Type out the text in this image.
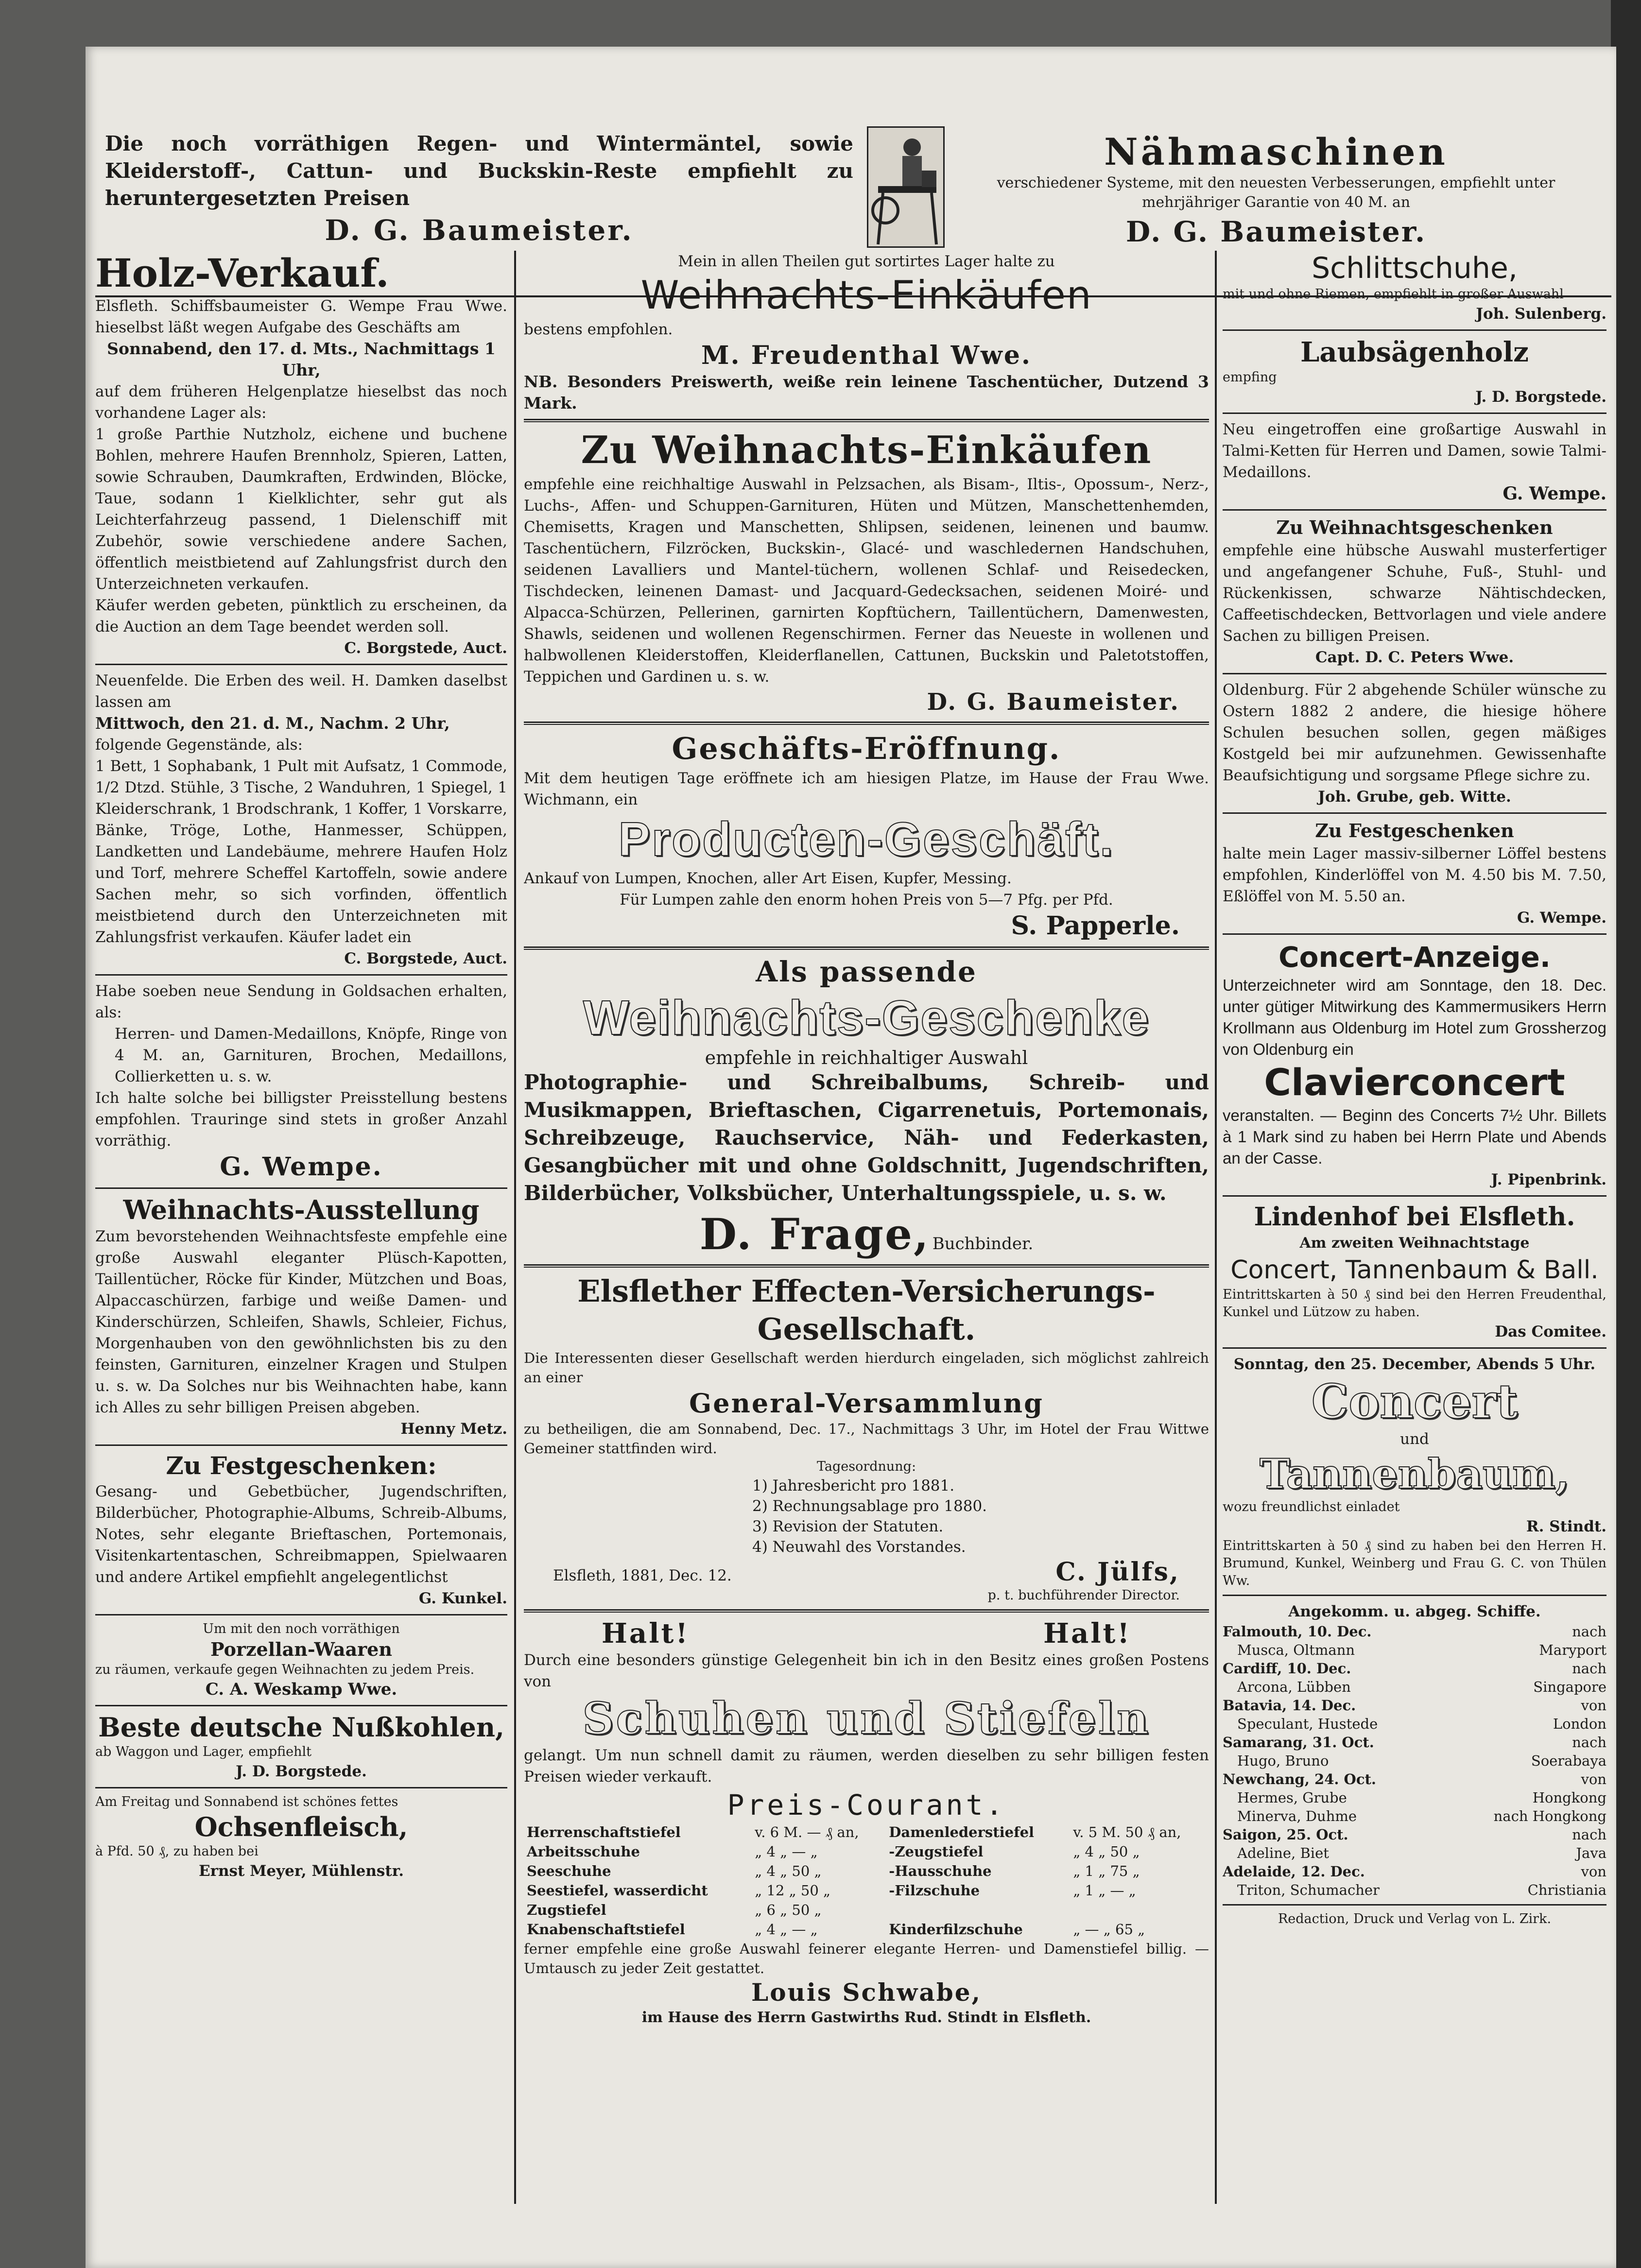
Die noch vorräthigen Regen- und Wintermäntel, sowie Kleiderstoff-, Cattun- und Buckskin-Reste empfiehlt zu heruntergesetzten Preisen

D. G. Baumeister.
Nähmaschinen

verschiedener Systeme, mit den neuesten Verbesserungen, empfiehlt unter mehrjähriger Garantie von 40 M. an

D. G. Baumeister.
Holz-Verkauf.

Elsfleth. Schiffsbaumeister G. Wempe Frau Wwe. hieselbst läßt wegen Aufgabe des Geschäfts am

Sonnabend, den 17. d. Mts., Nachmittags 1 Uhr,

auf dem früheren Helgenplatze hieselbst das noch vorhandene Lager als:

1 große Parthie Nutzholz, eichene und buchene Bohlen, mehrere Haufen Brennholz, Spieren, Latten, sowie Schrauben, Daumkraften, Erdwinden, Blöcke, Taue, sodann 1 Kielklichter, sehr gut als Leichterfahrzeug passend, 1 Dielenschiff mit Zubehör, sowie verschiedene andere Sachen, öffentlich meistbietend auf Zahlungsfrist durch den Unterzeichneten verkaufen.

Käufer werden gebeten, pünktlich zu erscheinen, da die Auction an dem Tage beendet werden soll.

C. Borgstede, Auct.

Neuenfelde. Die Erben des weil. H. Damken daselbst lassen am

Mittwoch, den 21. d. M., Nachm. 2 Uhr,

folgende Gegenstände, als:

1 Bett, 1 Sophabank, 1 Pult mit Aufsatz, 1 Commode, 1/2 Dtzd. Stühle, 3 Tische, 2 Wanduhren, 1 Spiegel, 1 Kleiderschrank, 1 Brodschrank, 1 Koffer, 1 Vorskarre, Bänke, Tröge, Lothe, Hanmesser, Schüppen, Landketten und Landebäume, mehrere Haufen Holz und Torf, mehrere Scheffel Kartoffeln, sowie andere Sachen mehr, so sich vorfinden, öffentlich meistbietend durch den Unterzeichneten mit Zahlungsfrist verkaufen. Käufer ladet ein

C. Borgstede, Auct.

Habe soeben neue Sendung in Goldsachen erhalten, als:

Herren- und Damen-Medaillons, Knöpfe, Ringe von 4 M. an, Garnituren, Brochen, Medaillons, Collierketten u. s. w.

Ich halte solche bei billigster Preisstellung bestens empfohlen. Trauringe sind stets in großer Anzahl vorräthig.

G. Wempe.
Weihnachts-Ausstellung

Zum bevorstehenden Weihnachtsfeste empfehle eine große Auswahl eleganter Plüsch-Kapotten, Taillentücher, Röcke für Kinder, Mützchen und Boas, Alpaccaschürzen, farbige und weiße Damen- und Kinderschürzen, Schleifen, Shawls, Schleier, Fichus, Morgenhauben von den gewöhnlichsten bis zu den feinsten, Garnituren, einzelner Kragen und Stulpen u. s. w. Da Solches nur bis Weihnachten habe, kann ich Alles zu sehr billigen Preisen abgeben.

Henny Metz.

Zu Festgeschenken:

Gesang- und Gebetbücher, Jugendschriften, Bilderbücher, Photographie-Albums, Schreib-Albums, Notes, sehr elegante Brieftaschen, Portemonais, Visitenkartentaschen, Schreibmappen, Spielwaaren und andere Artikel empfiehlt angelegentlichst

G. Kunkel.

Um mit den noch vorräthigen

Porzellan-Waaren

zu räumen, verkaufe gegen Weihnachten zu jedem Preis.

C. A. Weskamp Wwe.

Beste deutsche Nußkohlen,

ab Waggon und Lager, empfiehlt

J. D. Borgstede.

Am Freitag und Sonnabend ist schönes fettes

Ochsenfleisch,

à Pfd. 50 ₰, zu haben bei

Ernst Meyer, Mühlenstr.

Mein in allen Theilen gut sortirtes Lager halte zu

Weihnachts-Einkäufen

bestens empfohlen.

M. Freudenthal Wwe.

NB. Besonders Preiswerth, weiße rein leinene Taschentücher, Dutzend 3 Mark.

Zu Weihnachts-Einkäufen

empfehle eine reichhaltige Auswahl in Pelzsachen, als Bisam-, Iltis-, Opossum-, Nerz-, Luchs-, Affen- und Schuppen-Garnituren, Hüten und Mützen, Manschettenhemden, Chemisetts, Kragen und Manschetten, Shlipsen, seidenen, leinenen und baumw. Taschentüchern, Filzröcken, Buckskin-, Glacé- und waschledernen Handschuhen, seidenen Lavalliers und Mantel-tüchern, wollenen Schlaf- und Reisedecken, Tischdecken, leinenen Damast- und Jacquard-Gedecksachen, seidenen Moiré- und Alpacca-Schürzen, Pellerinen, garnirten Kopftüchern, Taillentüchern, Damenwesten, Shawls, seidenen und wollenen Regenschirmen. Ferner das Neueste in wollenen und halbwollenen Kleiderstoffen, Kleiderflanellen, Cattunen, Buckskin und Paletotstoffen, Teppichen und Gardinen u. s. w.

D. G. Baumeister.
Geschäfts-Eröffnung.

Mit dem heutigen Tage eröffnete ich am hiesigen Platze, im Hause der Frau Wwe. Wichmann, ein

Producten-Geschäft.

Ankauf von Lumpen, Knochen, aller Art Eisen, Kupfer, Messing.

Für Lumpen zahle den enorm hohen Preis von 5—7 Pfg. per Pfd.

S. Papperle.
Als passende
Weihnachts-Geschenke

empfehle in reichhaltiger Auswahl

Photographie- und Schreibalbums, Schreib- und Musikmappen, Brieftaschen, Cigarrenetuis, Portemonais, Schreibzeuge, Rauchservice, Näh- und Federkasten, Gesangbücher mit und ohne Goldschnitt, Jugendschriften, Bilderbücher, Volksbücher, Unterhaltungsspiele, u. s. w.

D. Frage, Buchbinder.
Elsflether Effecten-Versicherungs-Gesellschaft.

Die Interessenten dieser Gesellschaft werden hierdurch eingeladen, sich möglichst zahlreich an einer

General-Versammlung

zu betheiligen, die am Sonnabend, Dec. 17., Nachmittags 3 Uhr, im Hotel der Frau Wittwe Gemeiner stattfinden wird.

Tagesordnung:

1) Jahresbericht pro 1881.
2) Rechnungsablage pro 1880.
3) Revision der Statuten.
4) Neuwahl des Vorstandes.
Elsfleth, 1881, Dec. 12.	C. Jülfs,

p. t. buchführender Director.

Halt!	Halt!

Durch eine besonders günstige Gelegenheit bin ich in den Besitz eines großen Postens von

Schuhen und Stiefeln

gelangt. Um nun schnell damit zu räumen, werden dieselben zu sehr billigen festen Preisen wieder verkauft.

Preis-Courant.
Herrenschaftstiefel	v. 6 M. — ₰ an,	Damenlederstiefel	v. 5 M. 50 ₰ an,
Arbeitsschuhe	„ 4 „ — „	-Zeugstiefel	„ 4 „ 50 „
Seeschuhe	„ 4 „ 50 „	-Hausschuhe	„ 1 „ 75 „
Seestiefel, wasserdicht	„ 12 „ 50 „	-Filzschuhe	„ 1 „ — „
Zugstiefel	„ 6 „ 50 „		
Knabenschaftstiefel	„ 4 „ — „	Kinderfilzschuhe	„ — „ 65 „

ferner empfehle eine große Auswahl feinerer elegante Herren- und Damenstiefel billig. — Umtausch zu jeder Zeit gestattet.

Louis Schwabe,

im Hause des Herrn Gastwirths Rud. Stindt in Elsfleth.

Schlittschuhe,

mit und ohne Riemen, empfiehlt in großer Auswahl

Joh. Sulenberg.

Laubsägenholz

empfing

J. D. Borgstede.

Neu eingetroffen eine großartige Auswahl in Talmi-Ketten für Herren und Damen, sowie Talmi-Medaillons.

G. Wempe.

Zu Weihnachtsgeschenken

empfehle eine hübsche Auswahl musterfertiger und angefangener Schuhe, Fuß-, Stuhl- und Rückenkissen, schwarze Nähtischdecken, Caffeetischdecken, Bettvorlagen und viele andere Sachen zu billigen Preisen.

Capt. D. C. Peters Wwe.

Oldenburg. Für 2 abgehende Schüler wünsche zu Ostern 1882 2 andere, die hiesige höhere Schulen besuchen sollen, gegen mäßiges Kostgeld bei mir aufzunehmen. Gewissenhafte Beaufsichtigung und sorgsame Pflege sichre zu.

Joh. Grube, geb. Witte.

Zu Festgeschenken

halte mein Lager massiv-silberner Löffel bestens empfohlen, Kinderlöffel von M. 4.50 bis M. 7.50, Eßlöffel von M. 5.50 an.

G. Wempe.

Concert-Anzeige.

Unterzeichneter wird am Sonntage, den 18. Dec. unter gütiger Mitwirkung des Kammermusikers Herrn Krollmann aus Oldenburg im Hotel zum Grossherzog von Oldenburg ein

Clavierconcert

veranstalten. — Beginn des Concerts 7½ Uhr. Billets à 1 Mark sind zu haben bei Herrn Plate und Abends an der Casse.

J. Pipenbrink.

Lindenhof bei Elsfleth.

Am zweiten Weihnachtstage

Concert, Tannenbaum & Ball.

Eintrittskarten à 50 ₰ sind bei den Herren Freudenthal, Kunkel und Lützow zu haben.

Das Comitee.

Sonntag, den 25. December, Abends 5 Uhr.

Concert

und

Tannenbaum,

wozu freundlichst einladet

R. Stindt.

Eintrittskarten à 50 ₰ sind zu haben bei den Herren H. Brumund, Kunkel, Weinberg und Frau G. C. von Thülen Ww.

Angekomm. u. abgeg. Schiffe.

Falmouth, 10. Dec.	nach
Musca, Oltmann	Maryport
Cardiff, 10. Dec.	nach
Arcona, Lübben	Singapore
Batavia, 14. Dec.	von
Speculant, Hustede	London
Samarang, 31. Oct.	nach
Hugo, Bruno	Soerabaya
Newchang, 24. Oct.	von
Hermes, Grube	Hongkong
Minerva, Duhme	nach Hongkong
Saigon, 25. Oct.	nach
Adeline, Biet	Java
Adelaide, 12. Dec.	von
Triton, Schumacher	Christiania

Redaction, Druck und Verlag von L. Zirk.
